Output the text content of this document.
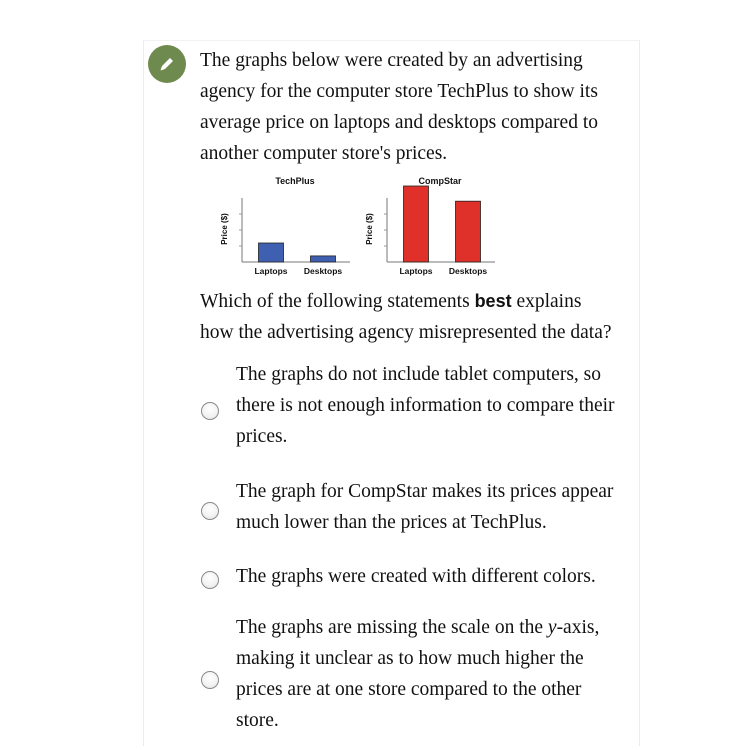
The graphs below were created by an advertising
agency for the computer store TechPlus to show its
average price on laptops and desktops compared to
another computer store's prices.
TechPlus
Price ($)
Laptops Desktops
CompStar
Price ($)
Laptops Desktops
Which of the following statements best explains
how the advertising agency misrepresented the data?
The graphs do not include tablet computers, so
there is not enough information to compare their
prices.
The graph for CompStar makes its prices appear
much lower than the prices at TechPlus.
The graphs were created with different colors.
The graphs are missing the scale on the y-axis,
making it unclear as to how much higher the
prices are at one store compared to the other
store.
